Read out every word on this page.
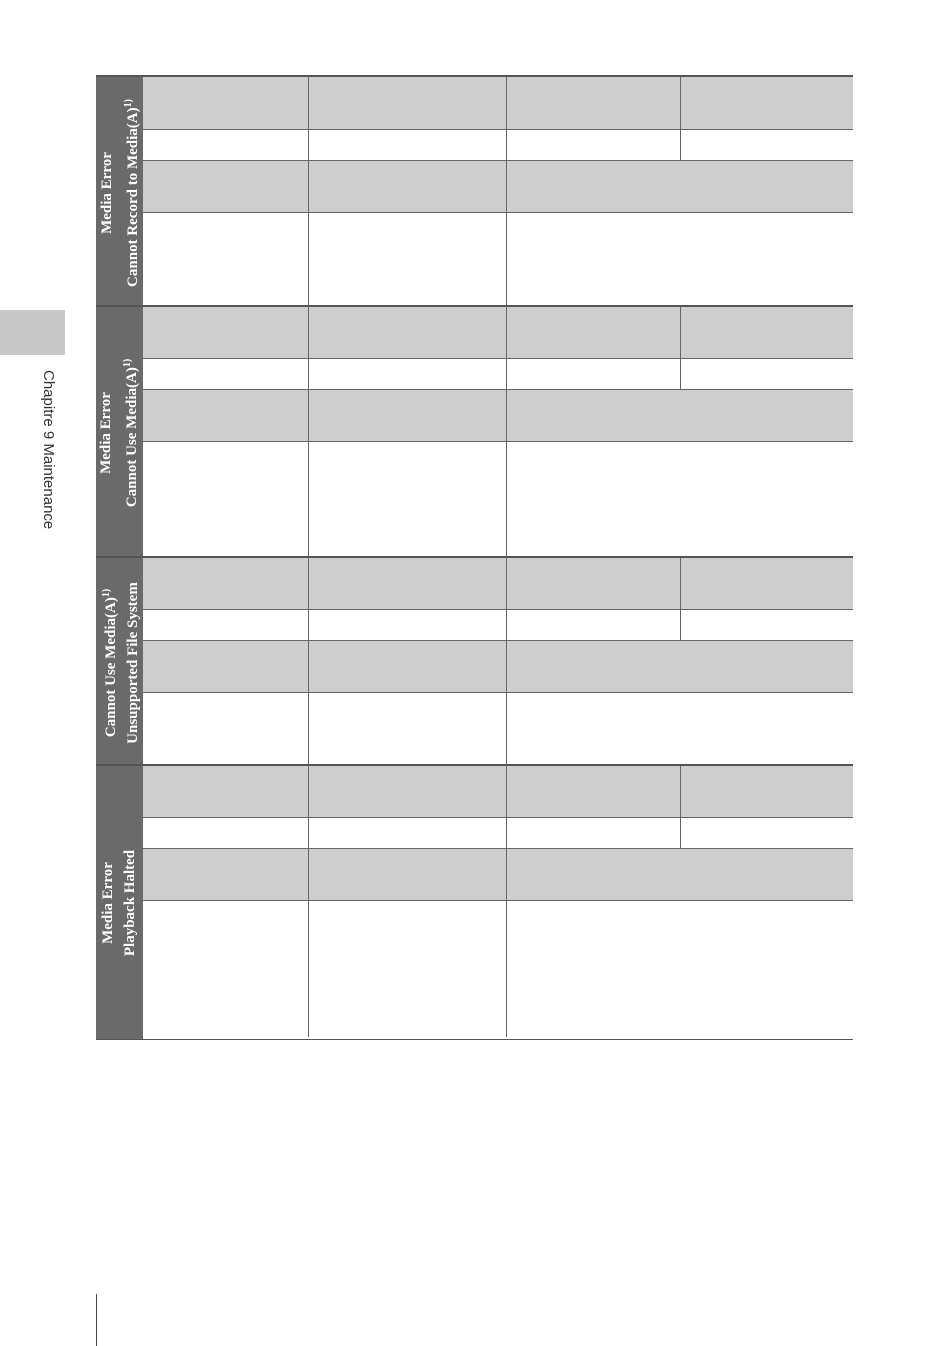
Chapitre 9 Maintenance
Media Error Cannot Record to $Media(A)^{1)}$
Media Error Cannot Use $Media(A)^{1)}$
Cannot Use $Media(A)^{1)}$ Unsupported File System
Media Error Playback Halted
